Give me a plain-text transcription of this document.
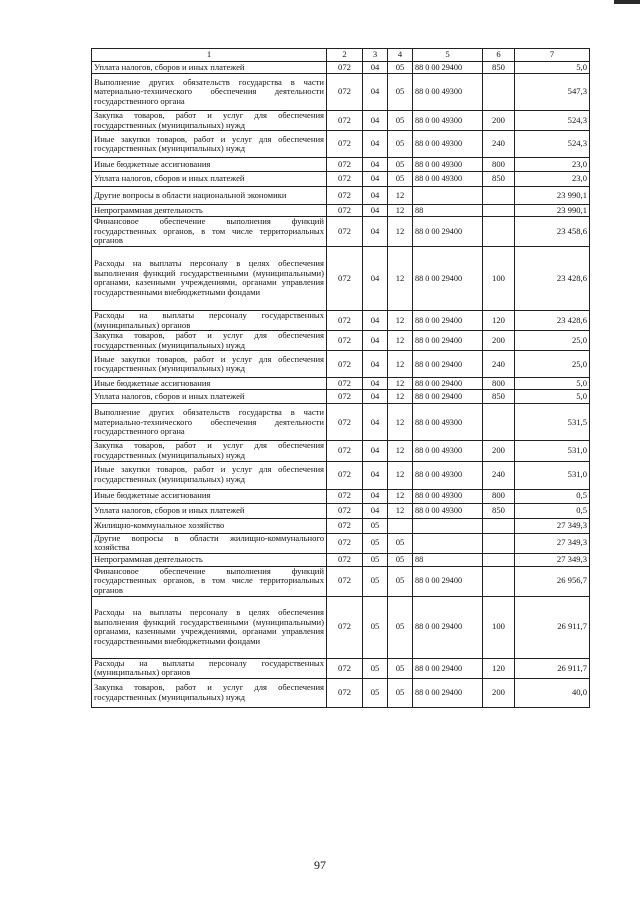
1	2	3	4	5	6	7
Уплата налогов, сборов и иных платежей	072	04	05	88 0 00 29400	850	5,0
Выполнение других обязательств государства в части материально-технического обеспечения деятельности государственного органа	072	04	05	88 0 00 49300		547,3
Закупка товаров, работ и услуг для обеспечения государственных (муниципальных) нужд	072	04	05	88 0 00 49300	200	524,3
Иные закупки товаров, работ и услуг для обеспечения государственных (муниципальных) нужд	072	04	05	88 0 00 49300	240	524,3
Иные бюджетные ассигнования	072	04	05	88 0 00 49300	800	23,0
Уплата налогов, сборов и иных платежей	072	04	05	88 0 00 49300	850	23,0
Другие вопросы в области национальной экономики	072	04	12			23 990,1
Непрограммная деятельность	072	04	12	88		23 990,1
Финансовое обеспечение выполнения функций государственных органов, в том числе территориальных органов	072	04	12	88 0 00 29400		23 458,6
Расходы на выплаты персоналу в целях обеспечения выполнения функций государственными (муниципальными) органами, казенными учреждениями, органами управления государственными внебюджетными фондами	072	04	12	88 0 00 29400	100	23 428,6
Расходы на выплаты персоналу государственных (муниципальных) органов	072	04	12	88 0 00 29400	120	23 428,6
Закупка товаров, работ и услуг для обеспечения государственных (муниципальных) нужд	072	04	12	88 0 00 29400	200	25,0
Иные закупки товаров, работ и услуг для обеспечения государственных (муниципальных) нужд	072	04	12	88 0 00 29400	240	25,0
Иные бюджетные ассигнования	072	04	12	88 0 00 29400	800	5,0
Уплата налогов, сборов и иных платежей	072	04	12	88 0 00 29400	850	5,0
Выполнение других обязательств государства в части материально-технического обеспечения деятельности государственного органа	072	04	12	88 0 00 49300		531,5
Закупка товаров, работ и услуг для обеспечения государственных (муниципальных) нужд	072	04	12	88 0 00 49300	200	531,0
Иные закупки товаров, работ и услуг для обеспечения государственных (муниципальных) нужд	072	04	12	88 0 00 49300	240	531,0
Иные бюджетные ассигнования	072	04	12	88 0 00 49300	800	0,5
Уплата налогов, сборов и иных платежей	072	04	12	88 0 00 49300	850	0,5
Жилищно-коммунальное хозяйство	072	05				27 349,3
Другие вопросы в области жилищно-коммунального хозяйства	072	05	05			27 349,3
Непрограммная деятельность	072	05	05	88		27 349,3
Финансовое обеспечение выполнения функций государственных органов, в том числе территориальных органов	072	05	05	88 0 00 29400		26 956,7
Расходы на выплаты персоналу в целях обеспечения выполнения функций государственными (муниципальными) органами, казенными учреждениями, органами управления государственными внебюджетными фондами	072	05	05	88 0 00 29400	100	26 911,7
Расходы на выплаты персоналу государственных (муниципальных) органов	072	05	05	88 0 00 29400	120	26 911,7
Закупка товаров, работ и услуг для обеспечения государственных (муниципальных) нужд	072	05	05	88 0 00 29400	200	40,0
97
